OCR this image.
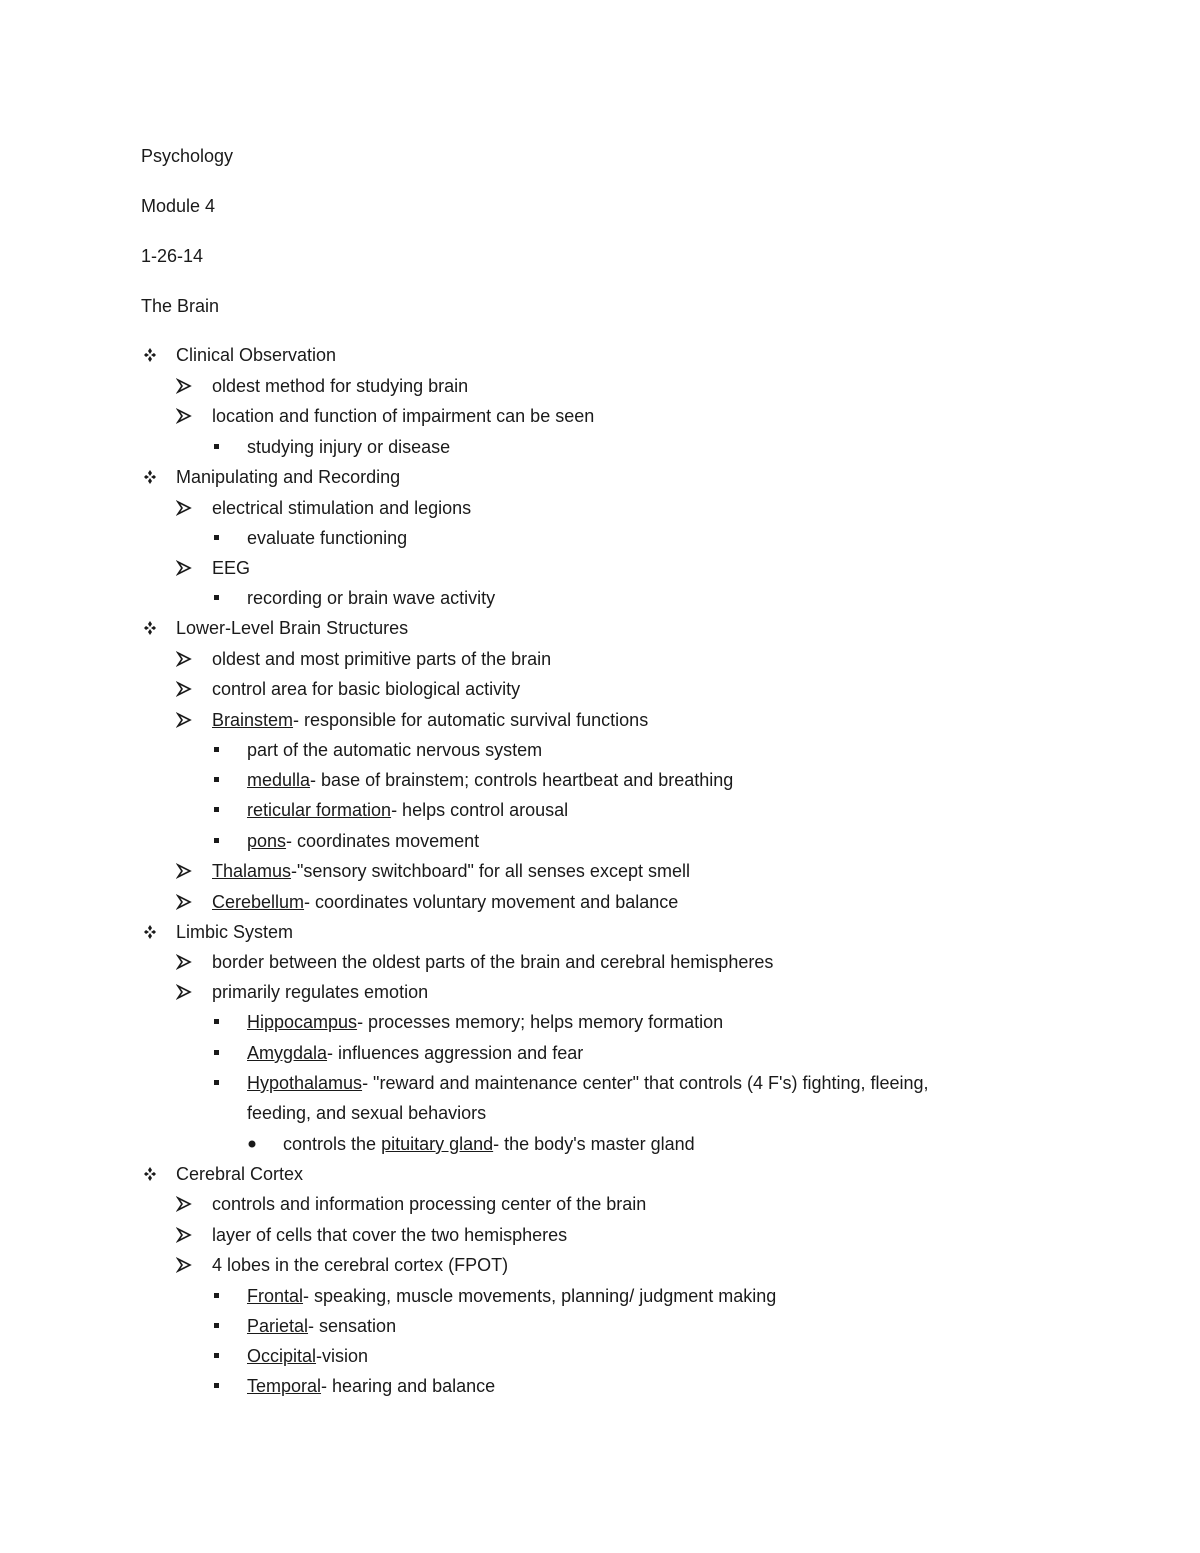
Psychology
Module 4
1-26-14
The Brain
Clinical Observation
oldest method for studying brain
location and function of impairment can be seen
studying injury or disease
Manipulating and Recording
electrical stimulation and legions
evaluate functioning
EEG
recording or brain wave activity
Lower-Level Brain Structures
oldest and most primitive parts of the brain
control area for basic biological activity
Brainstem- responsible for automatic survival functions
part of the automatic nervous system
medulla- base of brainstem; controls heartbeat and breathing
reticular formation- helps control arousal
pons- coordinates movement
Thalamus-"sensory switchboard" for all senses except smell
Cerebellum- coordinates voluntary movement and balance
Limbic System
border between the oldest parts of the brain and cerebral hemispheres
primarily regulates emotion
Hippocampus- processes memory; helps memory formation
Amygdala- influences aggression and fear
Hypothalamus- "reward and maintenance center" that controls (4 F's) fighting, fleeing,
feeding, and sexual behaviors
controls the pituitary gland- the body's master gland
Cerebral Cortex
controls and information processing center of the brain
layer of cells that cover the two hemispheres
4 lobes in the cerebral cortex (FPOT)
Frontal- speaking, muscle movements, planning/ judgment making
Parietal- sensation
Occipital-vision
Temporal- hearing and balance
